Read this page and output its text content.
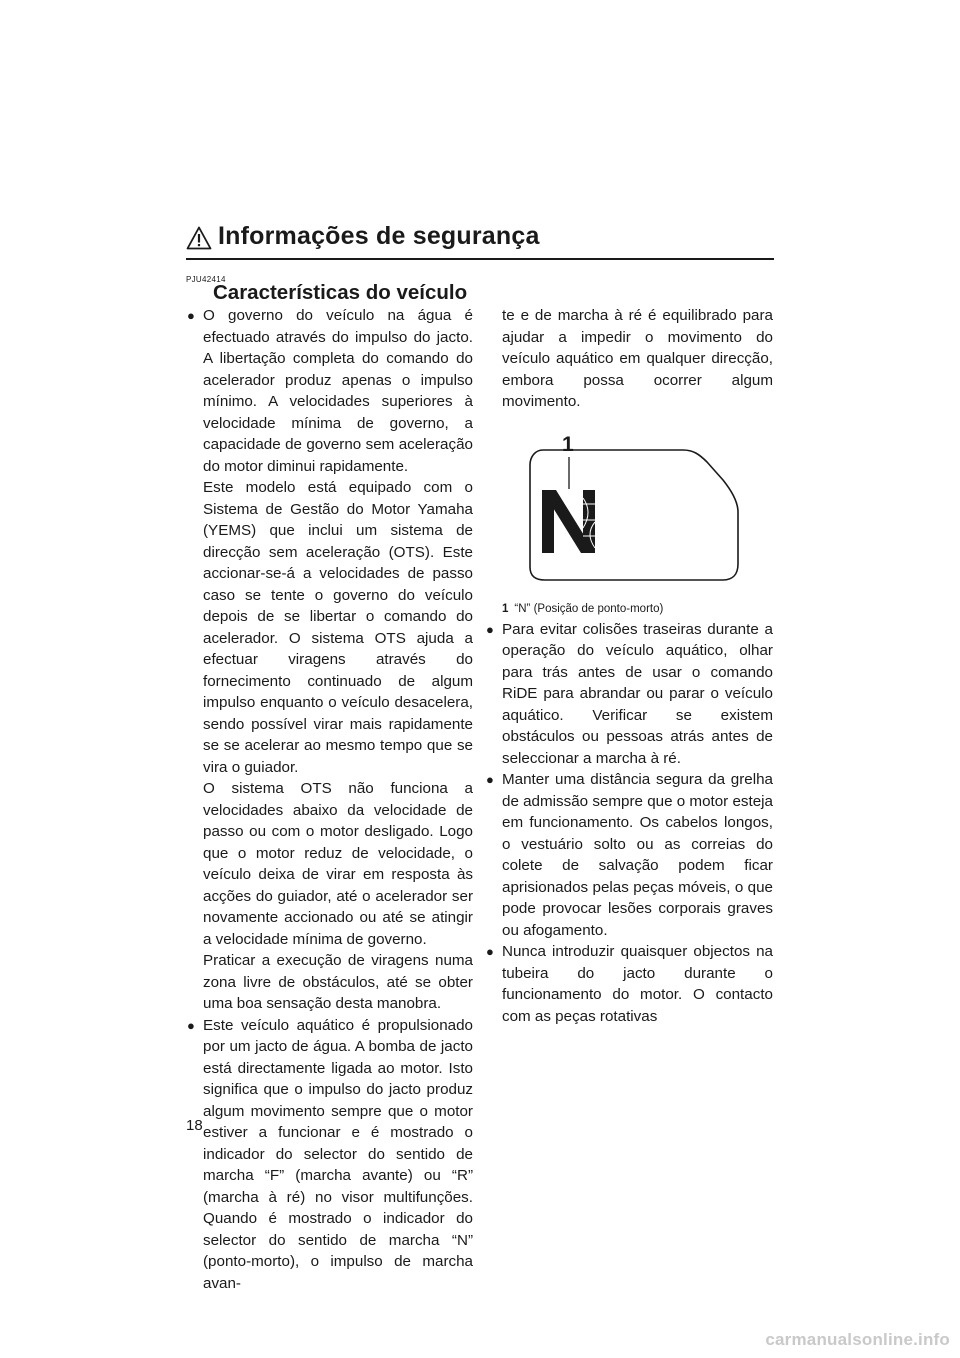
Informações de segurança
PJU42414
Características do veículo
● O governo do veículo na água é efectuado através do impulso do jacto. A libertação completa do comando do acelerador produz apenas o impulso mínimo. A velocidades superiores à velocidade mínima de governo, a capacidade de governo sem aceleração do motor diminui rapidamente.

Este modelo está equipado com o Sistema de Gestão do Motor Yamaha (YEMS) que inclui um sistema de direcção sem aceleração (OTS). Este accionar-se-á a velocidades de passo caso se tente o governo do veículo depois de se libertar o comando do acelerador. O sistema OTS ajuda a efectuar viragens através do fornecimento continuado de algum impulso enquanto o veículo desacelera, sendo possível virar mais rapidamente se se acelerar ao mesmo tempo que se vira o guiador.

O sistema OTS não funciona a velocidades abaixo da velocidade de passo ou com o motor desligado. Logo que o motor reduz de velocidade, o veículo deixa de virar em resposta às acções do guiador, até o acelerador ser novamente accionado ou até se atingir a velocidade mínima de governo.

Praticar a execução de viragens numa zona livre de obstáculos, até se obter uma boa sensação desta manobra.

● Este veículo aquático é propulsionado por um jacto de água. A bomba de jacto está directamente ligada ao motor. Isto significa que o impulso do jacto produz algum movimento sempre que o motor estiver a funcionar e é mostrado o indicador do selector do sentido de marcha “F” (marcha avante) ou “R” (marcha à ré) no visor multifunções. Quando é mostrado o indicador do selector do sentido de marcha “N” (ponto-morto), o impulso de marcha avan-

te e de marcha à ré é equilibrado para ajudar a impedir o movimento do veículo aquático em qualquer direcção, embora possa ocorrer algum movimento.

1
1 “N” (Posição de ponto-morto)
● Para evitar colisões traseiras durante a operação do veículo aquático, olhar para trás antes de usar o comando RiDE para abrandar ou parar o veículo aquático. Verificar se existem obstáculos ou pessoas atrás antes de seleccionar a marcha à ré.

● Manter uma distância segura da grelha de admissão sempre que o motor esteja em funcionamento. Os cabelos longos, o vestuário solto ou as correias do colete de salvação podem ficar aprisionados pelas peças móveis, o que pode provocar lesões corporais graves ou afogamento.

● Nunca introduzir quaisquer objectos na tubeira do jacto durante o funcionamento do motor. O contacto com as peças rotativas

18
carmanualsonline.info
